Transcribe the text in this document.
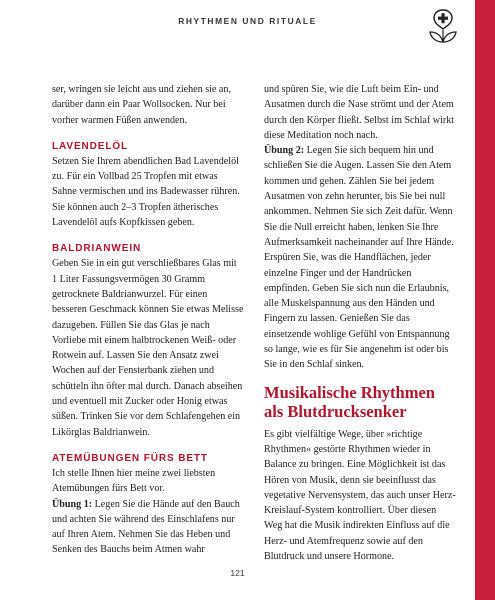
RHYTHMEN UND RITUALE

ser, wringen sie leicht aus und ziehen sie an, darüber dann ein Paar Wollsocken. Nur bei vorher warmen Füßen anwenden.

LAVENDELÖL

Setzen Sie Ihrem abendlichen Bad Lavendelöl zu. Für ein Vollbad 25 Tropfen mit etwas Sahne vermischen und ins Badewasser rühren. Sie können auch 2–3 Tropfen ätherisches Lavendelöl aufs Kopfkissen geben.

BALDRIANWEIN

Geben Sie in ein gut verschließbares Glas mit 1 Liter Fassungsvermögen 30 Gramm getrocknete Baldrianwurzel. Für einen besseren Geschmack können Sie etwas Melisse dazugeben. Füllen Sie das Glas je nach Vorliebe mit einem halbtrockenen Weiß- oder Rotwein auf. Lassen Sie den Ansatz zwei Wochen auf der Fensterbank ziehen und schütteln ihn öfter mal durch. Danach abseihen und eventuell mit Zucker oder Honig etwas süßen. Trinken Sie vor dem Schlafengehen ein Likörglas Baldrianwein.

ATEMÜBUNGEN FÜRS BETT

Ich stelle Ihnen hier meine zwei liebsten Atemübungen fürs Bett vor.

Übung 1: Legen Sie die Hände auf den Bauch und achten Sie während des Einschlafens nur auf Ihren Atem. Nehmen Sie das Heben und Senken des Bauchs beim Atmen wahr

und spüren Sie, wie die Luft beim Ein- und Ausatmen durch die Nase strömt und der Atem durch den Körper fließt. Selbst im Schlaf wirkt diese Meditation noch nach.

Übung 2: Legen Sie sich bequem hin und schließen Sie die Augen. Lassen Sie den Atem kommen und gehen. Zählen Sie bei jedem Ausatmen von zehn herunter, bis Sie bei null ankommen. Nehmen Sie sich Zeit dafür. Wenn Sie die Null erreicht haben, lenken Sie Ihre Aufmerksamkeit nacheinander auf Ihre Hände. Erspüren Sie, was die Handflächen, jeder einzelne Finger und der Handrücken empfinden. Geben Sie sich nun die Erlaubnis, alle Muskelspannung aus den Händen und Fingern zu lassen. Genießen Sie das einsetzende wohlige Gefühl von Entspannung so lange, wie es für Sie angenehm ist oder bis Sie in den Schlaf sinken.

Musikalische Rhythmen als Blutdrucksenker

Es gibt vielfältige Wege, über »richtige Rhythmen« gestörte Rhythmen wieder in Balance zu bringen. Eine Möglichkeit ist das Hören von Musik, denn sie beeinflusst das vegetative Nervensystem, das auch unser Herz-Kreislauf-System kontrolliert. Über diesen Weg hat die Musik indirekten Einfluss auf die Herz- und Atemfrequenz sowie auf den Blutdruck und unsere Hormone.

121
